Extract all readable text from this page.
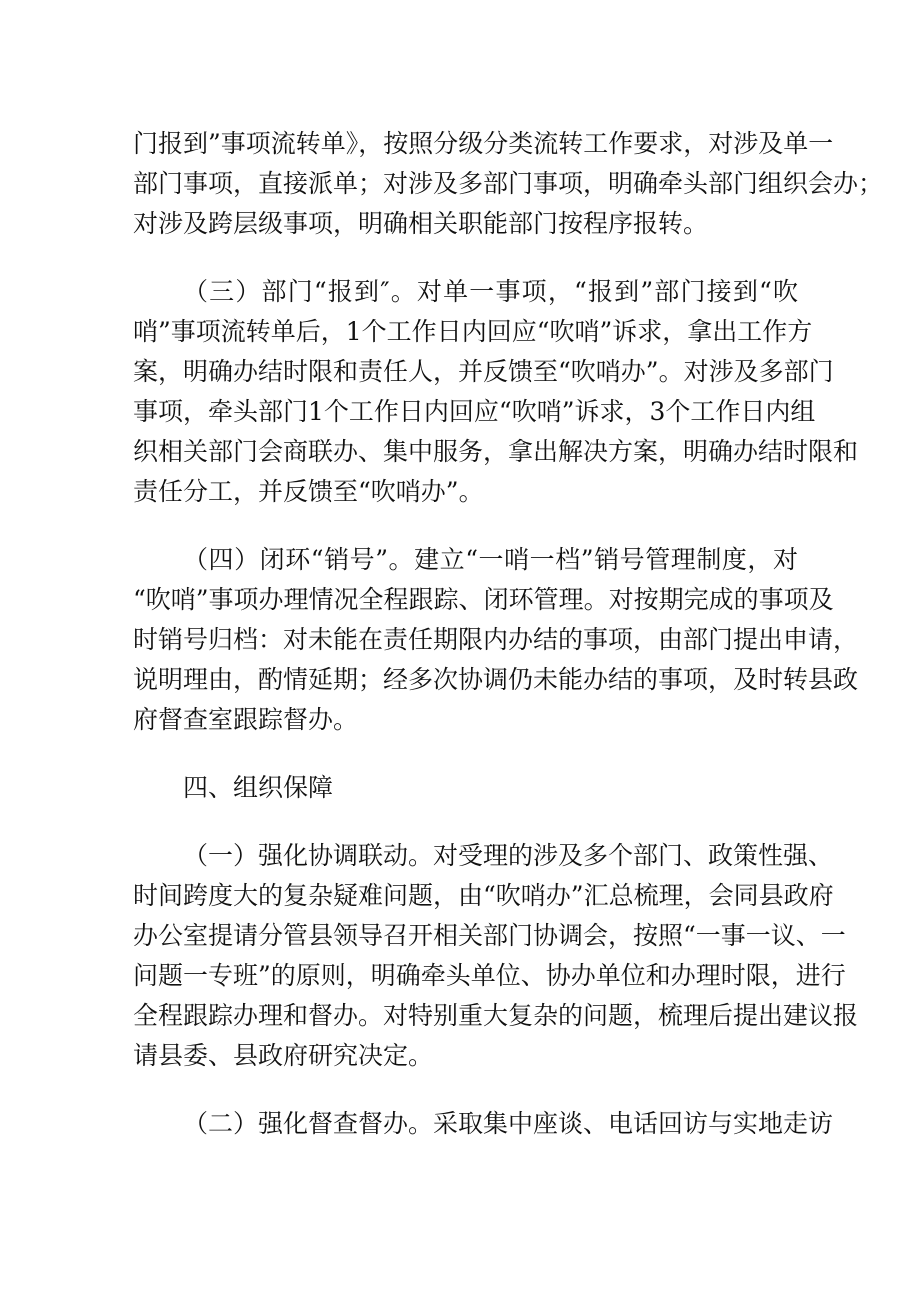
门报到”事项流转单》，按照分级分类流转工作要求，对涉及单一
部门事项，直接派单；对涉及多部门事项，明确牵头部门组织会办；
对涉及跨层级事项，明确相关职能部门按程序报转。
（三）部门“报到″。对单一事项，“报到”部门接到“吹
哨”事项流转单后，1个工作日内回应“吹哨”诉求，拿出工作方
案，明确办结时限和责任人，并反馈至“吹哨办”。对涉及多部门
事项，牵头部门1个工作日内回应“吹哨”诉求，3个工作日内组
织相关部门会商联办、集中服务，拿出解决方案，明确办结时限和
责任分工，并反馈至“吹哨办”。
（四）闭环“销号”。建立“一哨一档”销号管理制度，对
“吹哨”事项办理情况全程跟踪、闭环管理。对按期完成的事项及
时销号归档：对未能在责任期限内办结的事项，由部门提出申请，
说明理由，酌情延期；经多次协调仍未能办结的事项，及时转县政
府督查室跟踪督办。
四、组织保障
（一）强化协调联动。对受理的涉及多个部门、政策性强、
时间跨度大的复杂疑难问题，由“吹哨办”汇总梳理，会同县政府
办公室提请分管县领导召开相关部门协调会，按照“一事一议、一
问题一专班”的原则，明确牵头单位、协办单位和办理时限，进行
全程跟踪办理和督办。对特别重大复杂的问题，梳理后提出建议报
请县委、县政府研究决定。
（二）强化督查督办。采取集中座谈、电话回访与实地走访
